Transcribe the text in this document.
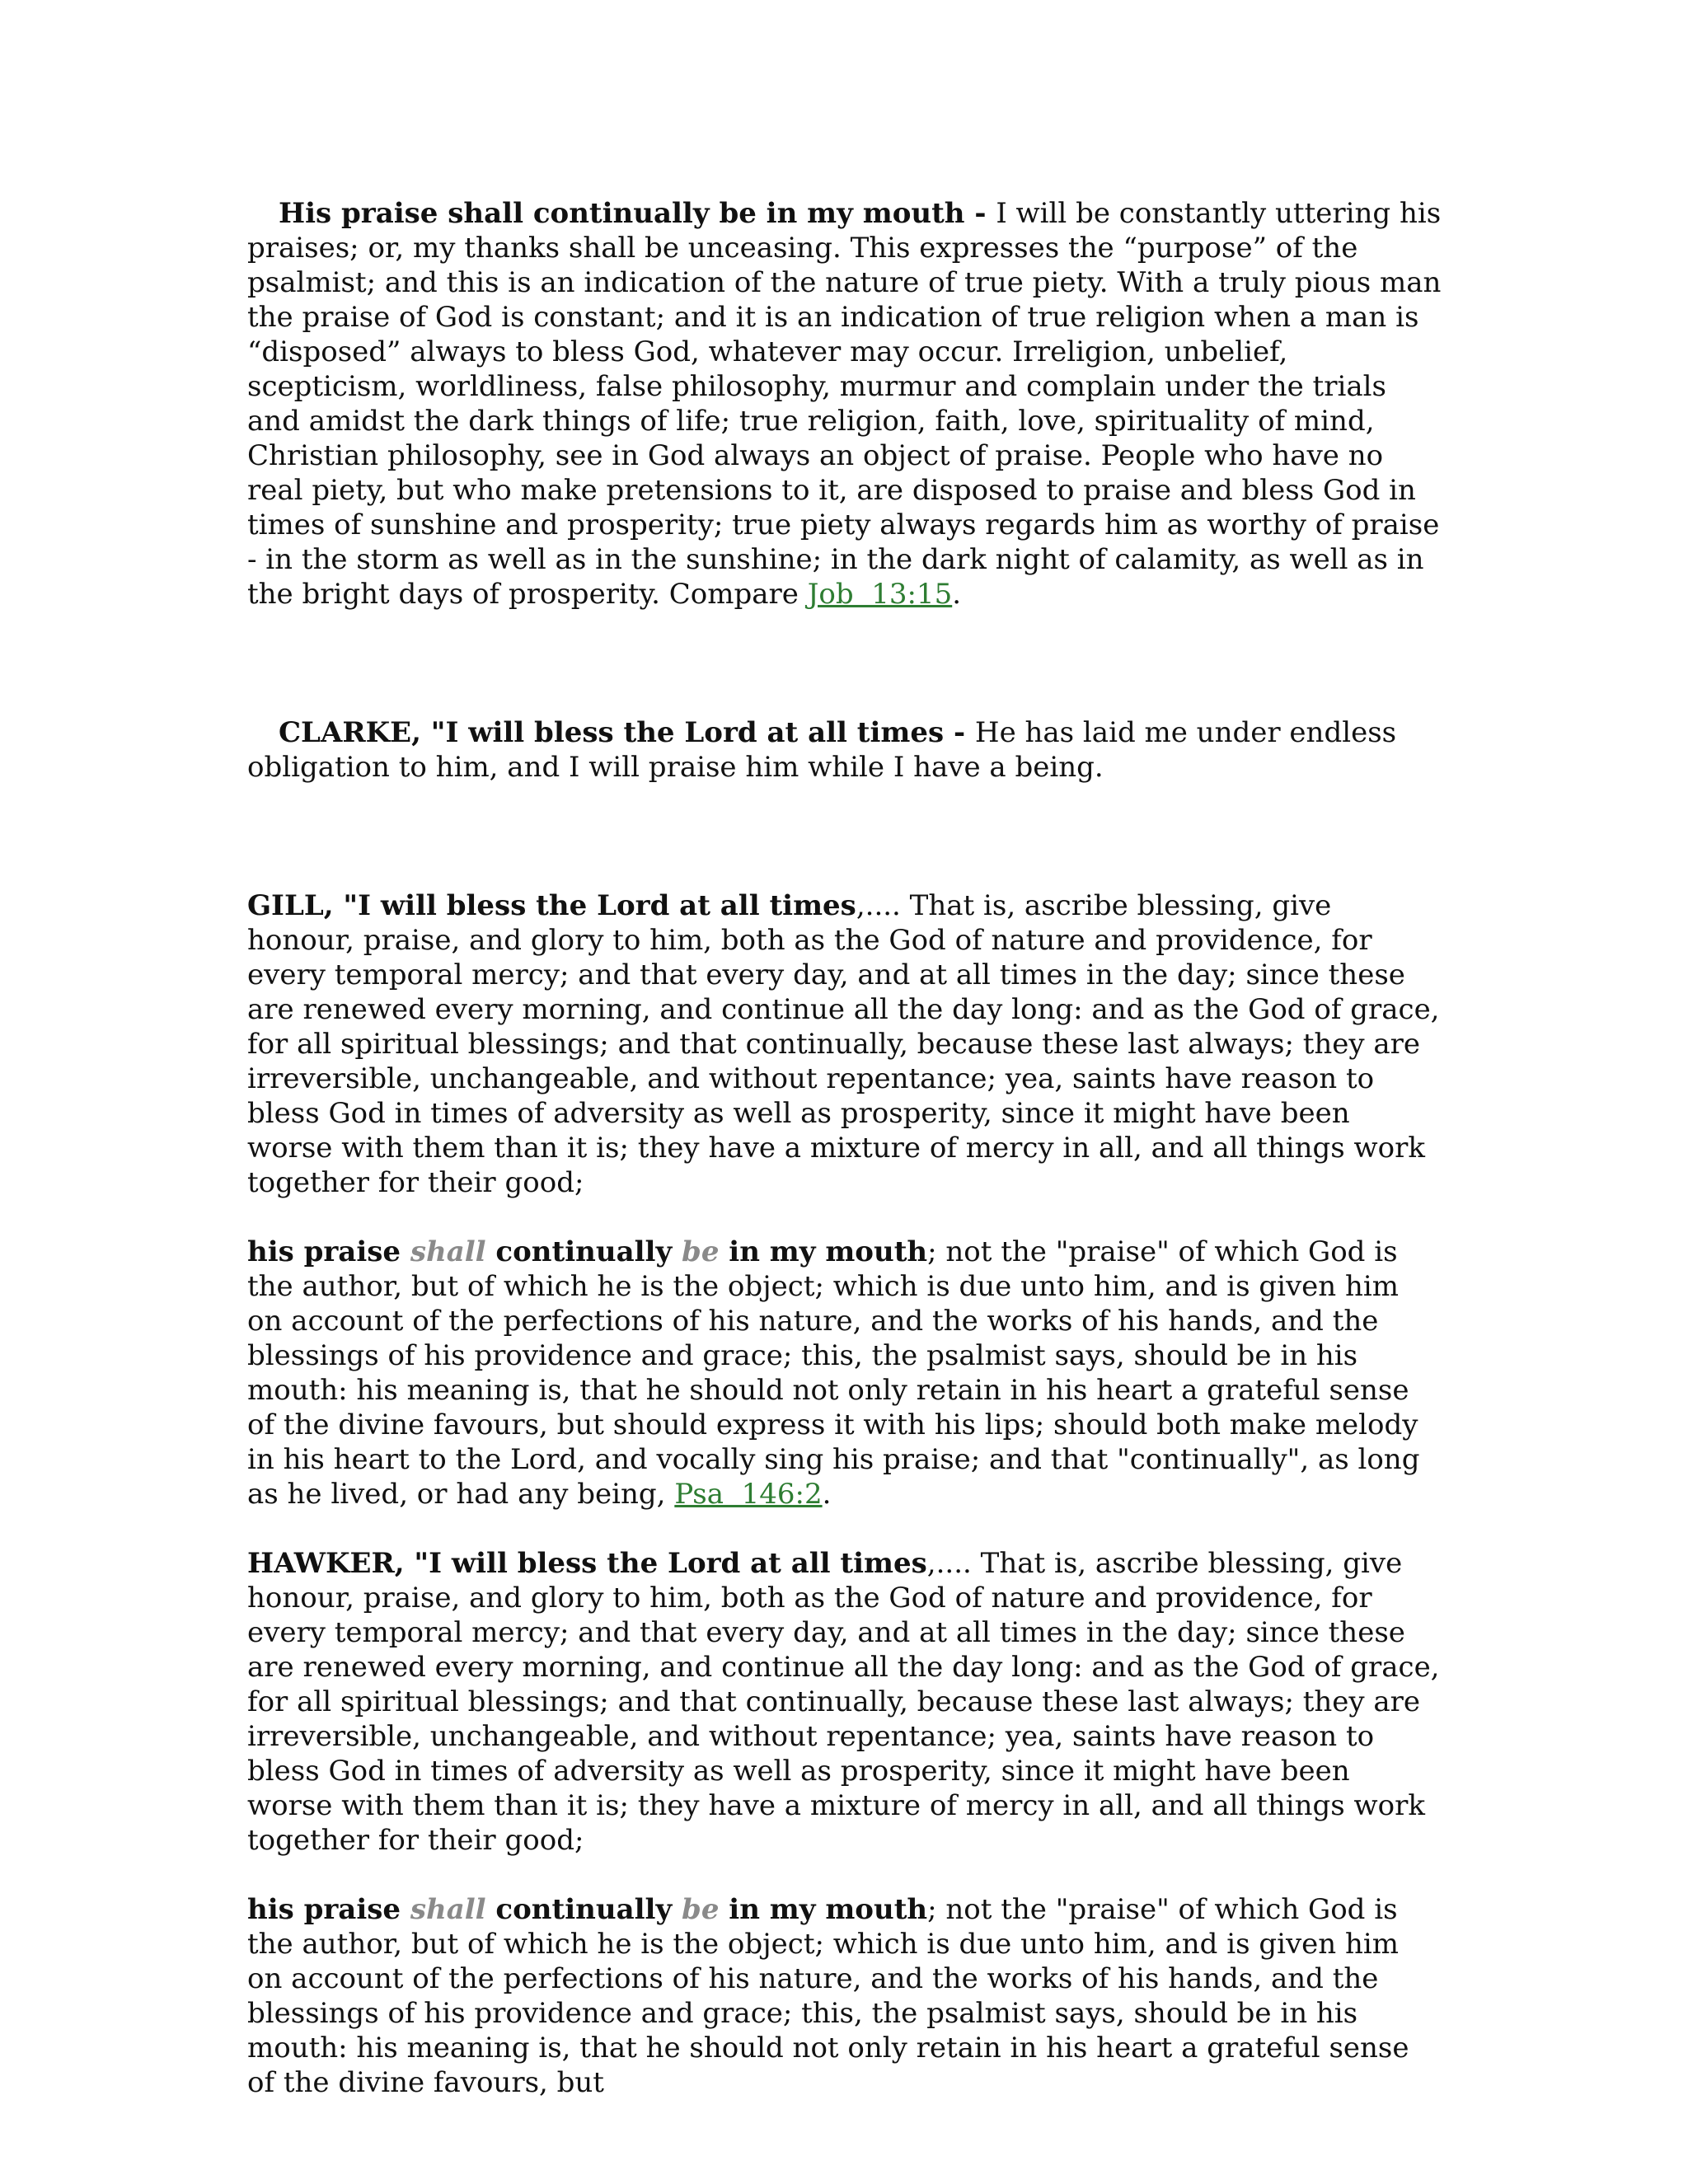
His praise shall continually be in my mouth - I will be constantly uttering his praises; or, my thanks shall be unceasing. This expresses the “purpose” of the psalmist; and this is an indication of the nature of true piety. With a truly pious man the praise of God is constant; and it is an indication of true religion when a man is “disposed” always to bless God, whatever may occur. Irreligion, unbelief, scepticism, worldliness, false philosophy, murmur and complain under the trials and amidst the dark things of life; true religion, faith, love, spirituality of mind, Christian philosophy, see in God always an object of praise. People who have no real piety, but who make pretensions to it, are disposed to praise and bless God in times of sunshine and prosperity; true piety always regards him as worthy of praise - in the storm as well as in the sunshine; in the dark night of calamity, as well as in the bright days of prosperity. Compare Job  13:15.

CLARKE, "I will bless the Lord at all times - He has laid me under endless obligation to him, and I will praise him while I have a being.

GILL, "I will bless the Lord at all times,.... That is, ascribe blessing, give honour, praise, and glory to him, both as the God of nature and providence, for every temporal mercy; and that every day, and at all times in the day; since these are renewed every morning, and continue all the day long: and as the God of grace, for all spiritual blessings; and that continually, because these last always; they are irreversible, unchangeable, and without repentance; yea, saints have reason to bless God in times of adversity as well as prosperity, since it might have been worse with them than it is; they have a mixture of mercy in all, and all things work together for their good;

his praise shall continually be in my mouth; not the "praise" of which God is the author, but of which he is the object; which is due unto him, and is given him on account of the perfections of his nature, and the works of his hands, and the blessings of his providence and grace; this, the psalmist says, should be in his mouth: his meaning is, that he should not only retain in his heart a grateful sense of the divine favours, but should express it with his lips; should both make melody in his heart to the Lord, and vocally sing his praise; and that "continually", as long as he lived, or had any being, Psa  146:2.

HAWKER, "I will bless the Lord at all times,.... That is, ascribe blessing, give honour, praise, and glory to him, both as the God of nature and providence, for every temporal mercy; and that every day, and at all times in the day; since these are renewed every morning, and continue all the day long: and as the God of grace, for all spiritual blessings; and that continually, because these last always; they are irreversible, unchangeable, and without repentance; yea, saints have reason to bless God in times of adversity as well as prosperity, since it might have been worse with them than it is; they have a mixture of mercy in all, and all things work together for their good;

his praise shall continually be in my mouth; not the "praise" of which God is the author, but of which he is the object; which is due unto him, and is given him on account of the perfections of his nature, and the works of his hands, and the blessings of his providence and grace; this, the psalmist says, should be in his mouth: his meaning is, that he should not only retain in his heart a grateful sense of the divine favours, but
